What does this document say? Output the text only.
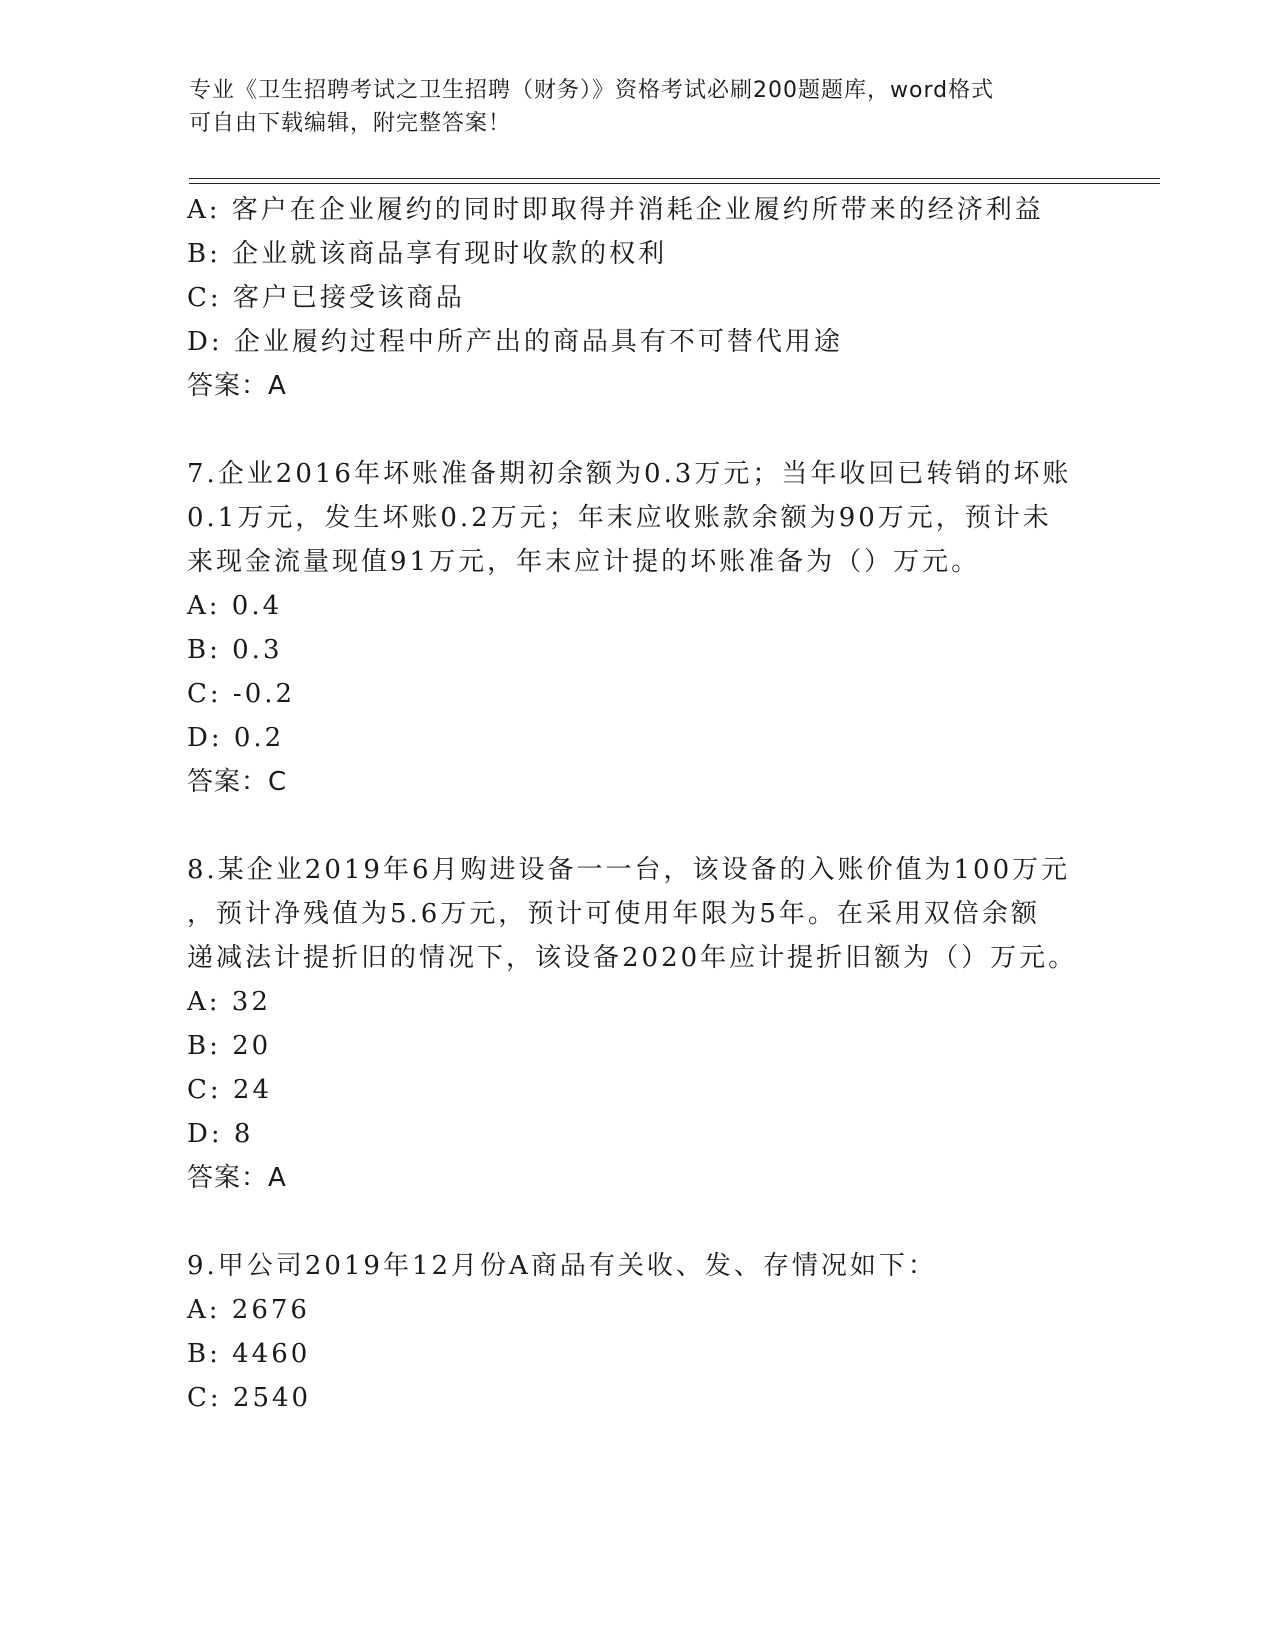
专业《卫生招聘考试之卫生招聘（财务）》资格考试必刷200题题库，word格式
可自由下载编辑，附完整答案！
A: 客户在企业履约的同时即取得并消耗企业履约所带来的经济利益
B: 企业就该商品享有现时收款的权利
C: 客户已接受该商品
D: 企业履约过程中所产出的商品具有不可替代用途
答案：A
7.企业2016年坏账准备期初余额为0.3万元；当年收回已转销的坏账
0.1万元，发生坏账0.2万元；年末应收账款余额为90万元，预计未
来现金流量现值91万元，年末应计提的坏账准备为（）万元。
A: 0.4
B: 0.3
C: -0.2
D: 0.2
答案：C
8.某企业2019年6月购进设备一一台，该设备的入账价值为100万元
，预计净残值为5.6万元，预计可使用年限为5年。在采用双倍余额
递减法计提折旧的情况下，该设备2020年应计提折旧额为（）万元。
A: 32
B: 20
C: 24
D: 8
答案：A
9.甲公司2019年12月份A商品有关收、发、存情况如下：
A: 2676
B: 4460
C: 2540
